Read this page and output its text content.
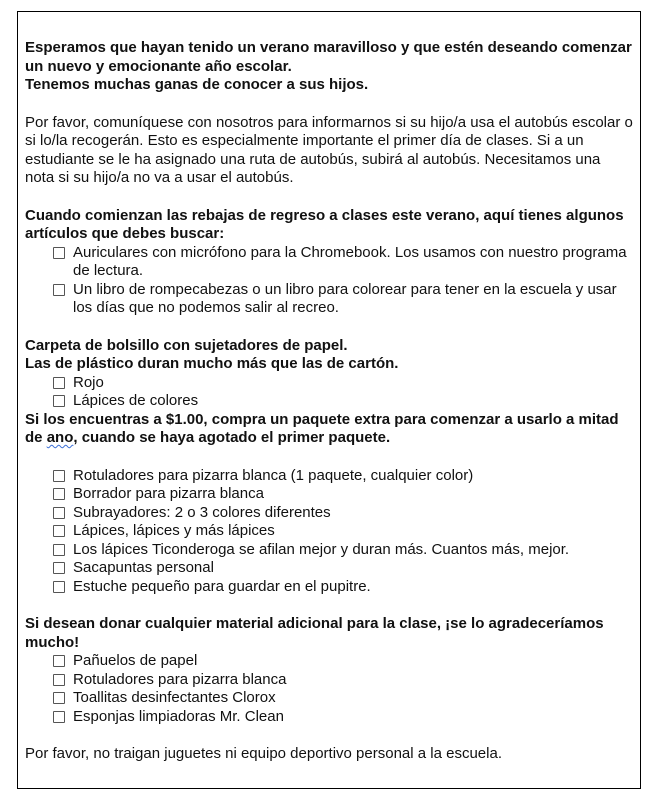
Esperamos que hayan tenido un verano maravilloso y que estén deseando comenzar un nuevo y emocionante año escolar.

Tenemos muchas ganas de conocer a sus hijos.

Por favor, comuníquese con nosotros para informarnos si su hijo/a usa el autobús escolar o si lo/la recogerán. Esto es especialmente importante el primer día de clases. Si a un estudiante se le ha asignado una ruta de autobús, subirá al autobús. Necesitamos una nota si su hijo/a no va a usar el autobús.

Cuando comienzan las rebajas de regreso a clases este verano, aquí tienes algunos artículos que debes buscar:

Auriculares con micrófono para la Chromebook. Los usamos con nuestro programa de lectura.
Un libro de rompecabezas o un libro para colorear para tener en la escuela y usar los días que no podemos salir al recreo.

Carpeta de bolsillo con sujetadores de papel.

Las de plástico duran mucho más que las de cartón.

Rojo
Lápices de colores

Si los encuentras a $1.00, compra un paquete extra para comenzar a usarlo a mitad de ano, cuando se haya agotado el primer paquete.

Rotuladores para pizarra blanca (1 paquete, cualquier color)
Borrador para pizarra blanca
Subrayadores: 2 o 3 colores diferentes
Lápices, lápices y más lápices
Los lápices Ticonderoga se afilan mejor y duran más. Cuantos más, mejor.
Sacapuntas personal
Estuche pequeño para guardar en el pupitre.

Si desean donar cualquier material adicional para la clase, ¡se lo agradeceríamos mucho!

Pañuelos de papel
Rotuladores para pizarra blanca
Toallitas desinfectantes Clorox
Esponjas limpiadoras Mr. Clean

Por favor, no traigan juguetes ni equipo deportivo personal a la escuela.
